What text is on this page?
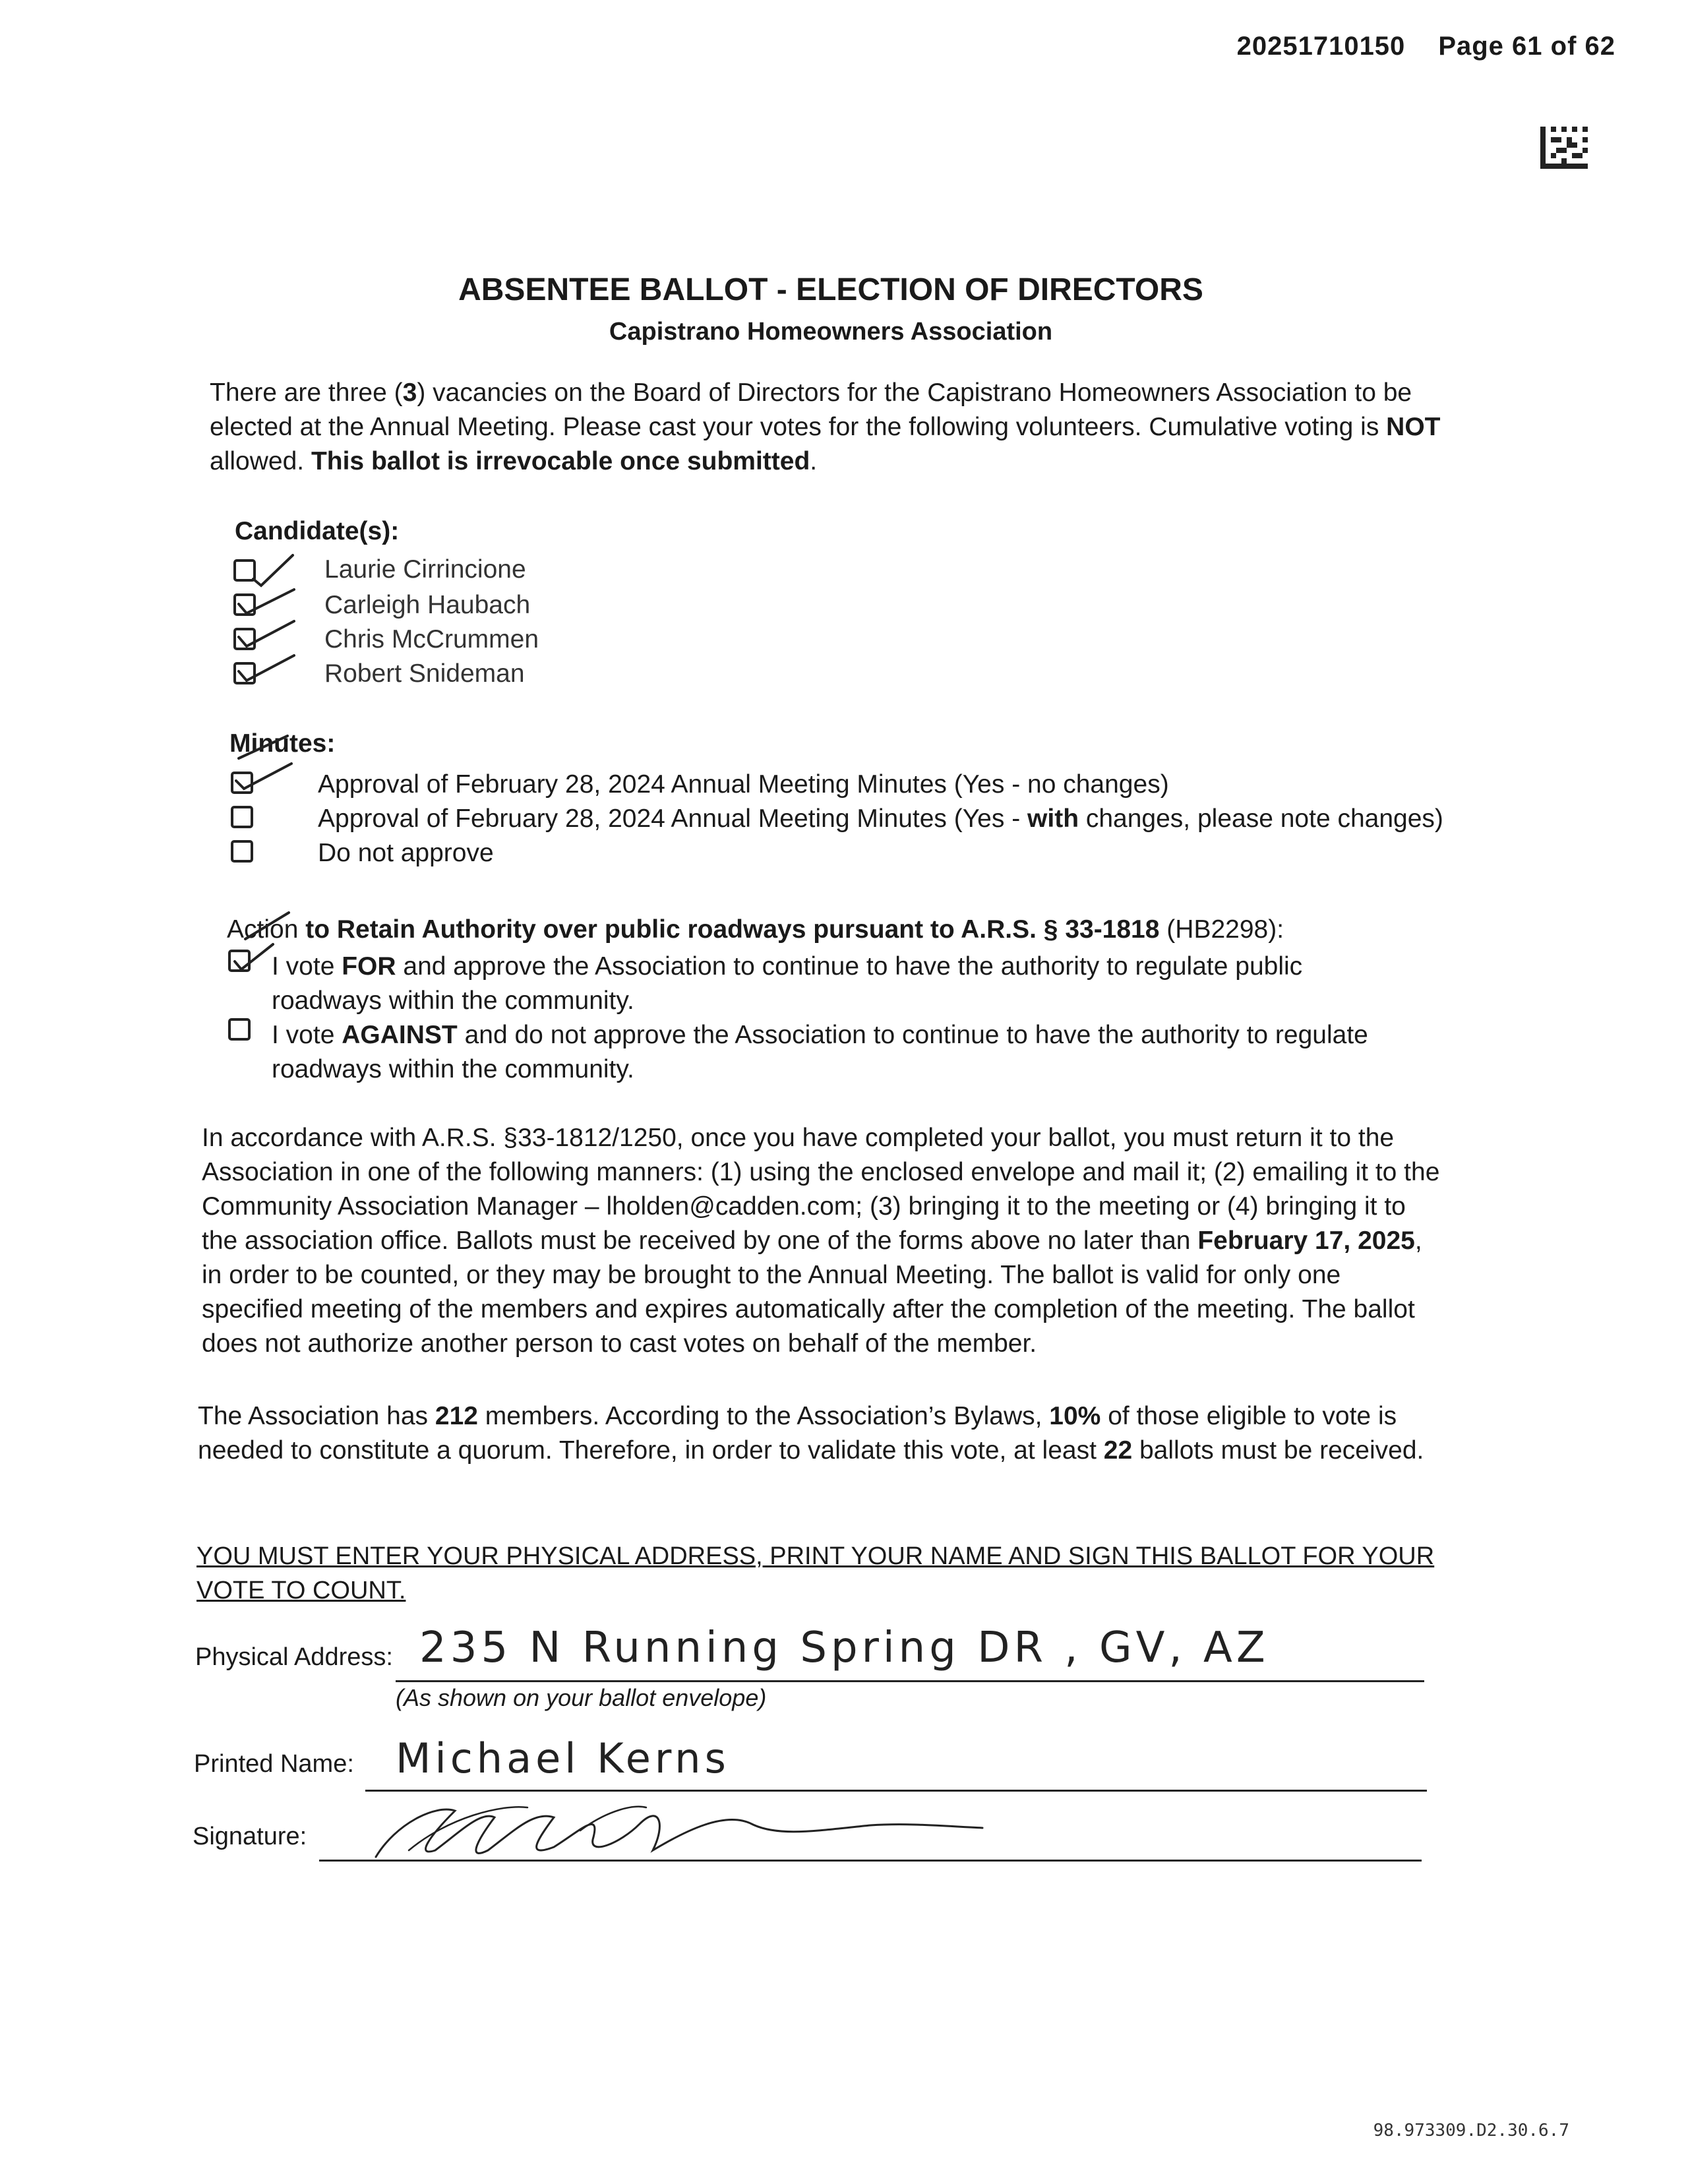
20251710150 Page 61 of 62
ABSENTEE BALLOT - ELECTION OF DIRECTORS
Capistrano Homeowners Association
There are three (3) vacancies on the Board of Directors for the Capistrano Homeowners Association to be elected at the Annual Meeting. Please cast your votes for the following volunteers. Cumulative voting is NOT allowed. This ballot is irrevocable once submitted.
Candidate(s):
Laurie Cirrincione
Carleigh Haubach
Chris McCrummen
Robert Snideman
Minutes:
Approval of February 28, 2024 Annual Meeting Minutes (Yes - no changes)
Approval of February 28, 2024 Annual Meeting Minutes (Yes - with changes, please note changes)
Do not approve
Action to Retain Authority over public roadways pursuant to A.R.S. § 33-1818 (HB2298):
I vote FOR and approve the Association to continue to have the authority to regulate public
roadways within the community.
I vote AGAINST and do not approve the Association to continue to have the authority to regulate
roadways within the community.
In accordance with A.R.S. §33-1812/1250, once you have completed your ballot, you must return it to the Association in one of the following manners: (1) using the enclosed envelope and mail it; (2) emailing it to the Community Association Manager – lholden@cadden.com; (3) bringing it to the meeting or (4) bringing it to the association office. Ballots must be received by one of the forms above no later than February 17, 2025, in order to be counted, or they may be brought to the Annual Meeting. The ballot is valid for only one specified meeting of the members and expires automatically after the completion of the meeting. The ballot does not authorize another person to cast votes on behalf of the member.
The Association has 212 members. According to the Association’s Bylaws, 10% of those eligible to vote is needed to constitute a quorum. Therefore, in order to validate this vote, at least 22 ballots must be received.
YOU MUST ENTER YOUR PHYSICAL ADDRESS, PRINT YOUR NAME AND SIGN THIS BALLOT FOR YOUR VOTE TO COUNT.
Physical Address: 235 N Running Spring DR , GV, AZ
(As shown on your ballot envelope)
Printed Name: Michael Kerns
Signature:
98.973309.D2.30.6.7
